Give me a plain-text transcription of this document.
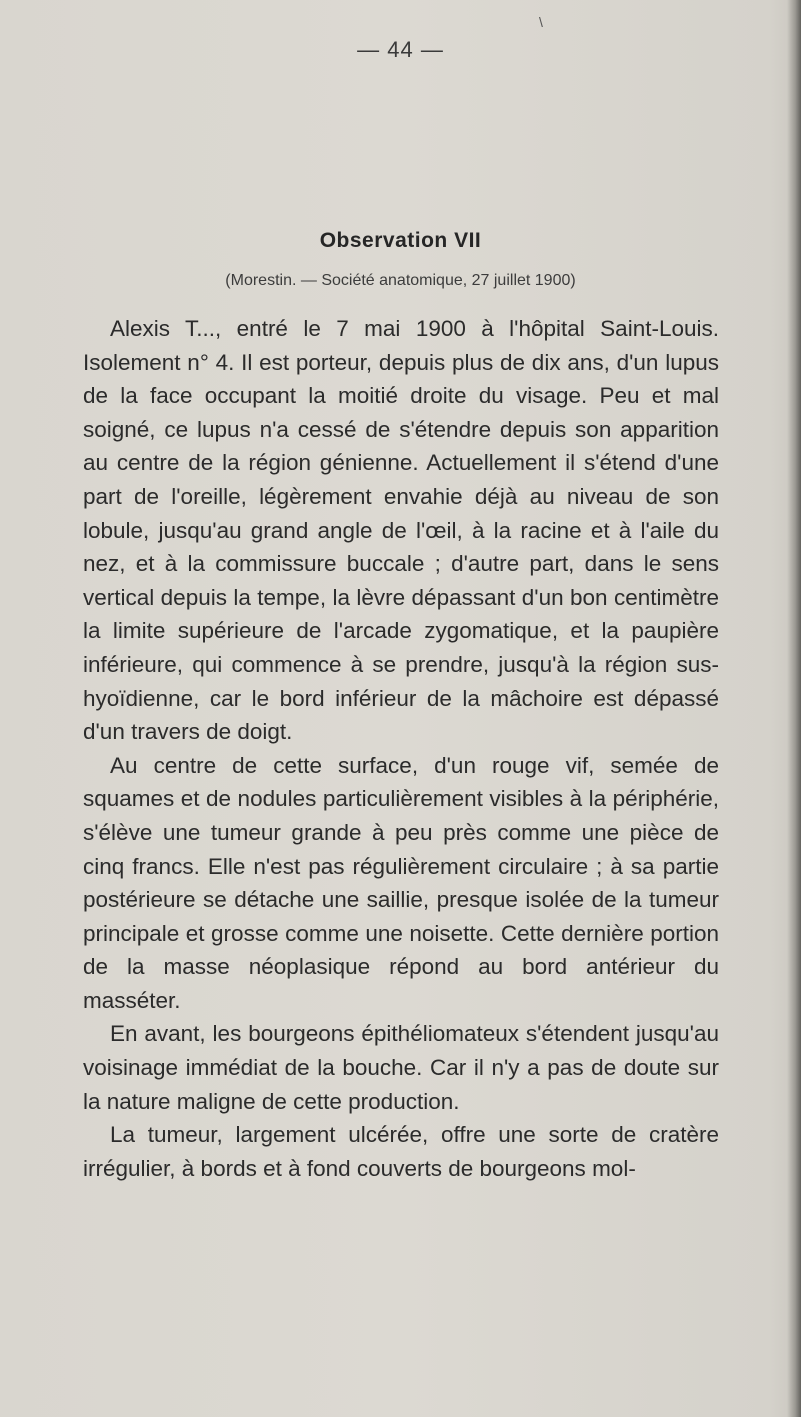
\
— 44 —
Observation VII
(Morestin. — Société anatomique, 27 juillet 1900)

Alexis T..., entré le 7 mai 1900 à l'hôpital Saint-Louis. Isolement n° 4. Il est porteur, depuis plus de dix ans, d'un lupus de la face occupant la moitié droite du visage. Peu et mal soigné, ce lupus n'a cessé de s'étendre depuis son apparition au centre de la région génienne. Actuellement il s'étend d'une part de l'oreille, légèrement envahie déjà au niveau de son lobule, jusqu'au grand angle de l'œil, à la racine et à l'aile du nez, et à la commissure buccale ; d'autre part, dans le sens vertical depuis la tempe, la lèvre dépassant d'un bon centimètre la limite supérieure de l'arcade zygomatique, et la paupière inférieure, qui commence à se prendre, jusqu'à la région sus-hyoïdienne, car le bord inférieur de la mâchoire est dépassé d'un travers de doigt.

Au centre de cette surface, d'un rouge vif, semée de squames et de nodules particulièrement visibles à la périphérie, s'élève une tumeur grande à peu près comme une pièce de cinq francs. Elle n'est pas régulièrement circulaire ; à sa partie postérieure se détache une saillie, presque isolée de la tumeur principale et grosse comme une noisette. Cette dernière portion de la masse néoplasique répond au bord antérieur du masséter.

En avant, les bourgeons épithéliomateux s'étendent jusqu'au voisinage immédiat de la bouche. Car il n'y a pas de doute sur la nature maligne de cette production.

La tumeur, largement ulcérée, offre une sorte de cratère irrégulier, à bords et à fond couverts de bourgeons mol-
